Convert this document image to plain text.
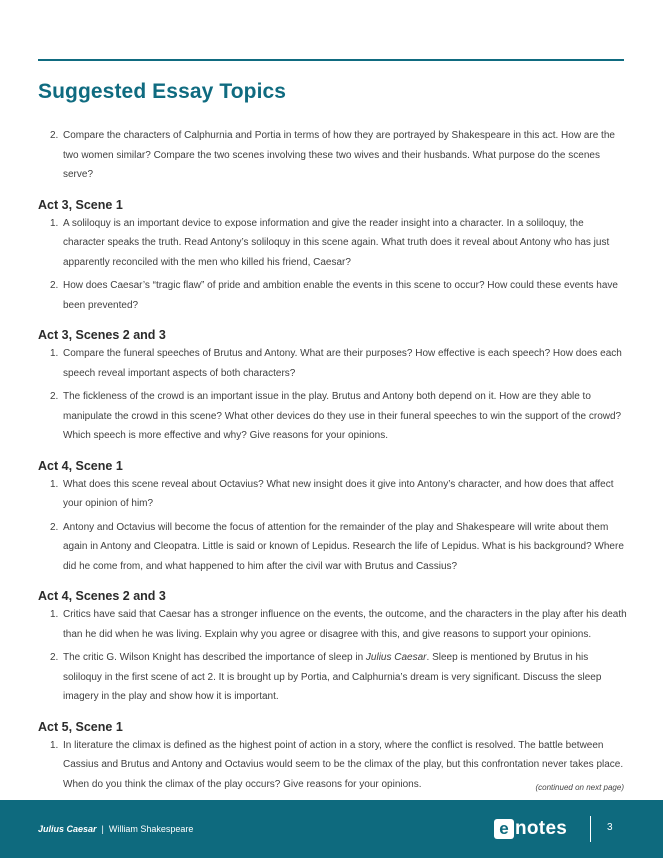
Suggested Essay Topics
2. Compare the characters of Calphurnia and Portia in terms of how they are portrayed by Shakespeare in this act. How are the two women similar? Compare the two scenes involving these two wives and their husbands. What purpose do the scenes serve?
Act 3, Scene 1
1. A soliloquy is an important device to expose information and give the reader insight into a character. In a soliloquy, the character speaks the truth. Read Antony’s soliloquy in this scene again. What truth does it reveal about Antony who has just apparently reconciled with the men who killed his friend, Caesar?
2. How does Caesar’s “tragic flaw” of pride and ambition enable the events in this scene to occur? How could these events have been prevented?
Act 3, Scenes 2 and 3
1. Compare the funeral speeches of Brutus and Antony. What are their purposes? How effective is each speech? How does each speech reveal important aspects of both characters?
2. The fickleness of the crowd is an important issue in the play. Brutus and Antony both depend on it. How are they able to manipulate the crowd in this scene? What other devices do they use in their funeral speeches to win the support of the crowd? Which speech is more effective and why? Give reasons for your opinions.
Act 4, Scene 1
1. What does this scene reveal about Octavius? What new insight does it give into Antony’s character, and how does that affect your opinion of him?
2. Antony and Octavius will become the focus of attention for the remainder of the play and Shakespeare will write about them again in Antony and Cleopatra. Little is said or known of Lepidus. Research the life of Lepidus. What is his background? Where did he come from, and what happened to him after the civil war with Brutus and Cassius?
Act 4, Scenes 2 and 3
1. Critics have said that Caesar has a stronger influence on the events, the outcome, and the characters in the play after his death than he did when he was living. Explain why you agree or disagree with this, and give reasons to support your opinions.
2. The critic G. Wilson Knight has described the importance of sleep in Julius Caesar. Sleep is mentioned by Brutus in his soliloquy in the first scene of act 2. It is brought up by Portia, and Calphurnia’s dream is very significant. Discuss the sleep imagery in the play and show how it is important.
Act 5, Scene 1
1. In literature the climax is defined as the highest point of action in a story, where the conflict is resolved. The battle between Cassius and Brutus and Antony and Octavius would seem to be the climax of the play, but this confrontation never takes place. When do you think the climax of the play occurs? Give reasons for your opinions.	(continued on next page)
Julius Caesar | William Shakespeare	e notes	3
